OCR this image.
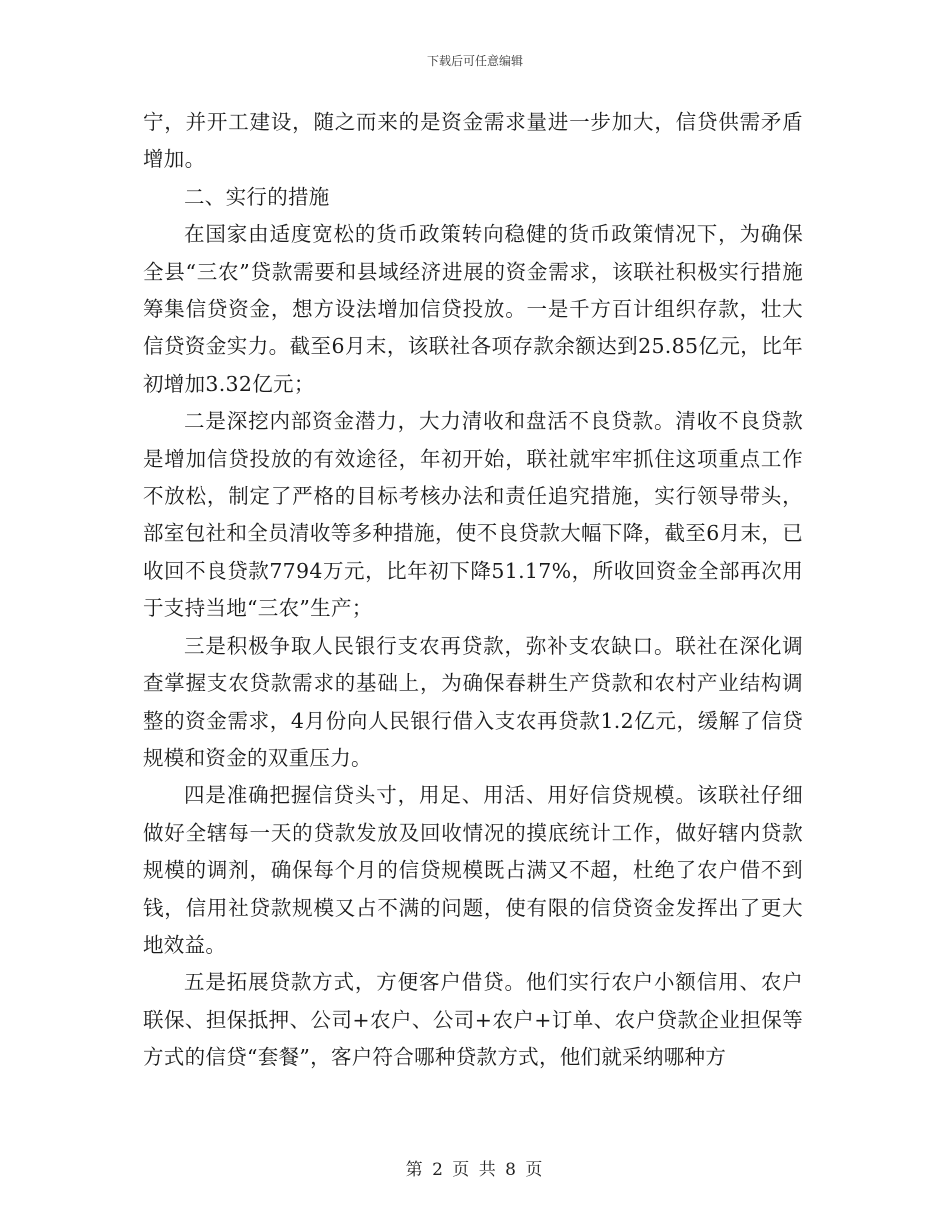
下载后可任意编辑

宁，并开工建设，随之而来的是资金需求量进一步加大，信贷供需矛盾增加。

二、实行的措施

在国家由适度宽松的货币政策转向稳健的货币政策情况下，为确保全县“三农”贷款需要和县域经济进展的资金需求，该联社积极实行措施筹集信贷资金，想方设法增加信贷投放。一是千方百计组织存款，壮大信贷资金实力。截至6月末，该联社各项存款余额达到25.85亿元，比年初增加3.32亿元；

二是深挖内部资金潜力，大力清收和盘活不良贷款。清收不良贷款是增加信贷投放的有效途径，年初开始，联社就牢牢抓住这项重点工作不放松，制定了严格的目标考核办法和责任追究措施，实行领导带头，部室包社和全员清收等多种措施，使不良贷款大幅下降，截至6月末，已收回不良贷款7794万元，比年初下降51.17%，所收回资金全部再次用于支持当地“三农”生产；

三是积极争取人民银行支农再贷款，弥补支农缺口。联社在深化调查掌握支农贷款需求的基础上，为确保春耕生产贷款和农村产业结构调整的资金需求，4月份向人民银行借入支农再贷款1.2亿元，缓解了信贷规模和资金的双重压力。

四是准确把握信贷头寸，用足、用活、用好信贷规模。该联社仔细做好全辖每一天的贷款发放及回收情况的摸底统计工作，做好辖内贷款规模的调剂，确保每个月的信贷规模既占满又不超，杜绝了农户借不到钱，信用社贷款规模又占不满的问题，使有限的信贷资金发挥出了更大地效益。

五是拓展贷款方式，方便客户借贷。他们实行农户小额信用、农户联保、担保抵押、公司+农户、公司+农户+订单、农户贷款企业担保等方式的信贷“套餐”，客户符合哪种贷款方式，他们就采纳哪种方

第 2 页 共 8 页
